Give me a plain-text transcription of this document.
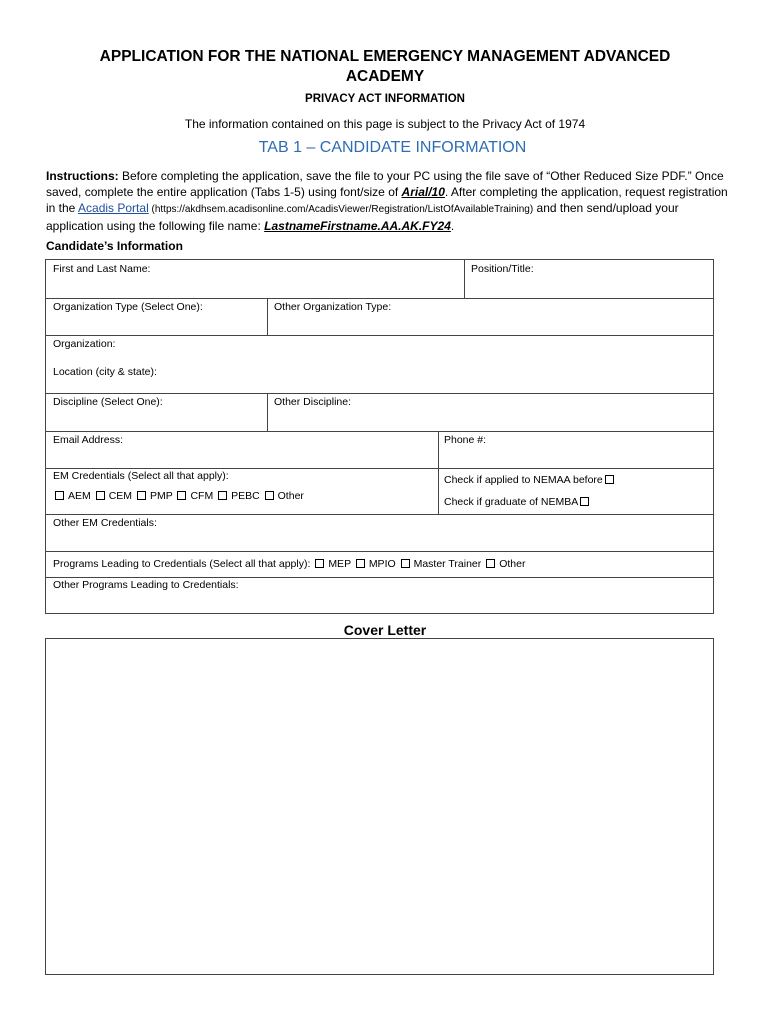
APPLICATION FOR THE NATIONAL EMERGENCY MANAGEMENT ADVANCED ACADEMY
PRIVACY ACT INFORMATION
The information contained on this page is subject to the Privacy Act of 1974
TAB 1 – CANDIDATE INFORMATION
Instructions: Before completing the application, save the file to your PC using the file save of “Other Reduced Size PDF.” Once saved, complete the entire application (Tabs 1-5) using font/size of Arial/10. After completing the application, request registration in the Acadis Portal (https://akdhsem.acadisonline.com/AcadisViewer/Registration/ListOfAvailableTraining) and then send/upload your application using the following file name: LastnameFirstname.AA.AK.FY24.
Candidate’s Information
First and Last Name:	Position/Title:
Organization Type (Select One):	Other Organization Type:
Organization:
Location (city & state):
Discipline (Select One):	Other Discipline:
Email Address:	Phone #:
EM Credentials (Select all that apply):
AEM CEM PMP CFM PEBC Other
Check if applied to NEMAA before
Check if graduate of NEMBA
Other EM Credentials:
Programs Leading to Credentials (Select all that apply): MEP MPIO Master Trainer Other
Other Programs Leading to Credentials:
Cover Letter
